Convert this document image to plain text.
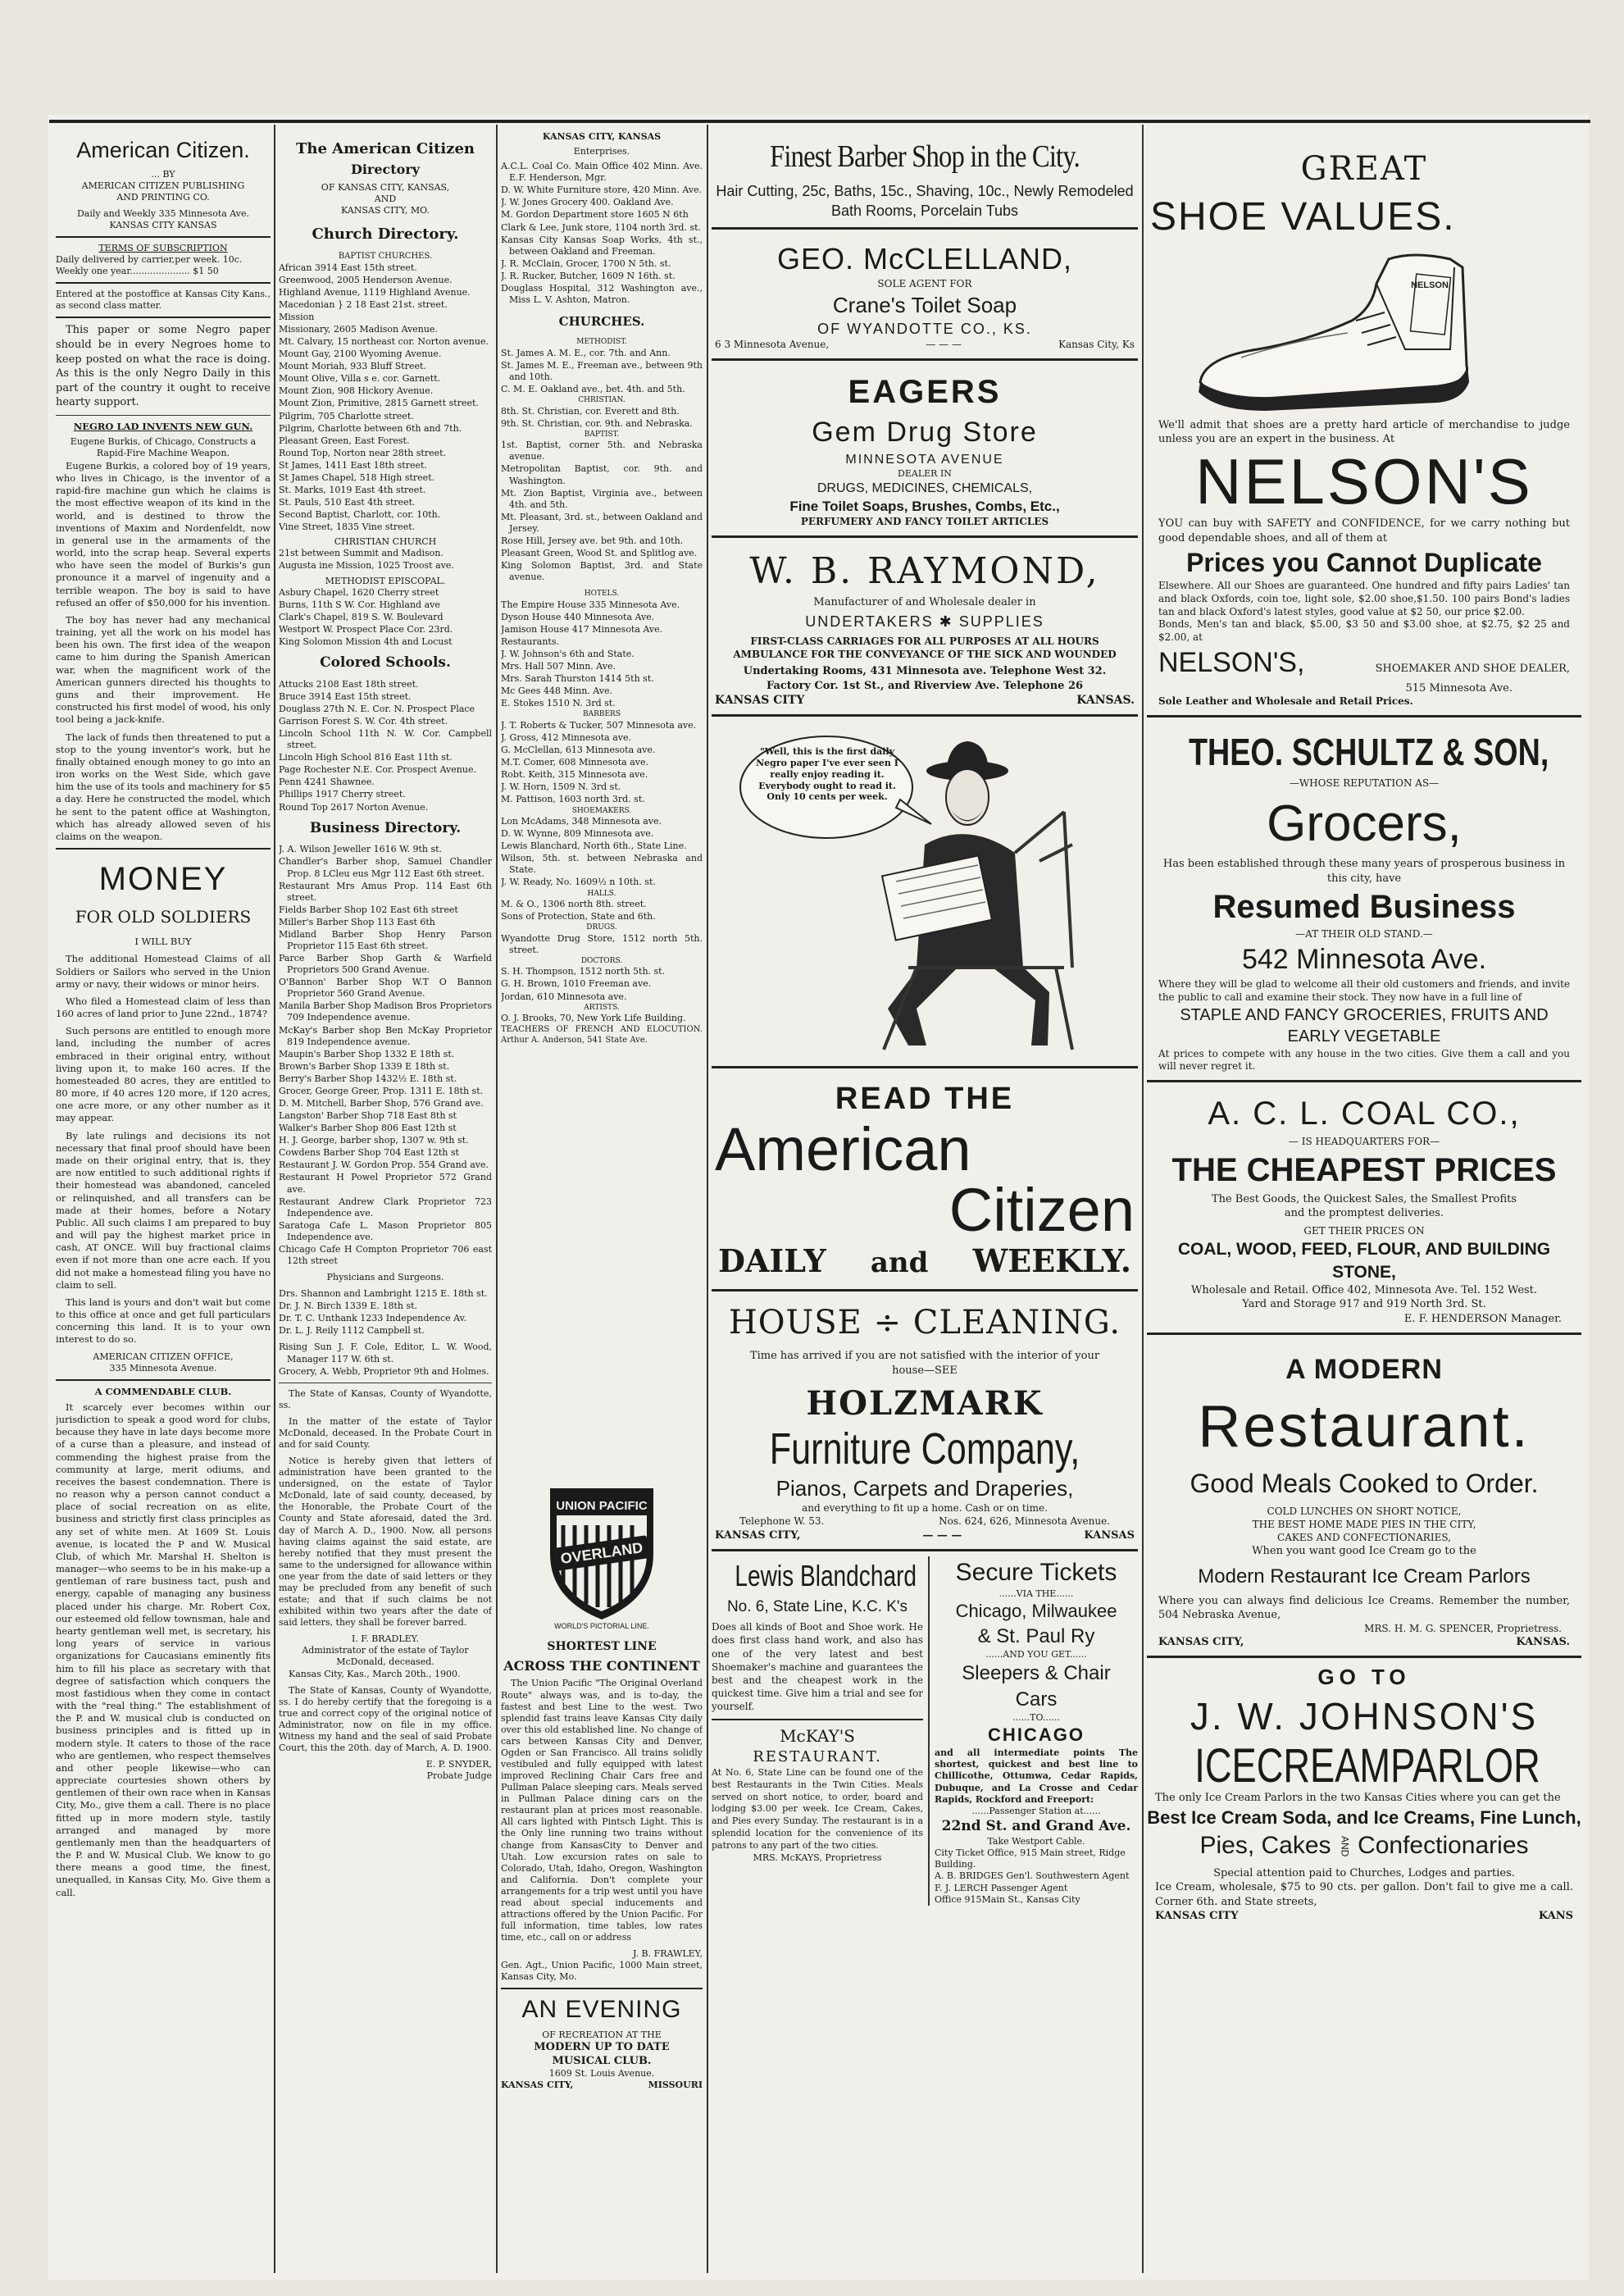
American Citizen.
... BY
AMERICAN CITIZEN PUBLISHING
AND PRINTING CO.
Daily and Weekly 335 Minnesota Ave.
KANSAS CITY KANSAS
TERMS OF SUBSCRIPTION
Daily delivered by carrier,per week. 10c.
Weekly one year..................... $1 50
Entered at the postoffice at Kansas City Kans., as second class matter.

This paper or some Negro paper should be in every Negroes home to keep posted on what the race is doing. As this is the only Negro Daily in this part of the country it ought to receive hearty support.

NEGRO LAD INVENTS NEW GUN.
Eugene Burkis, of Chicago, Constructs a Rapid-Fire Machine Weapon.

Eugene Burkis, a colored boy of 19 years, who lives in Chicago, is the inventor of a rapid-fire machine gun which he claims is the most effective weapon of its kind in the world, and is destined to throw the inventions of Maxim and Nordenfeldt, now in general use in the armaments of the world, into the scrap heap. Several experts who have seen the model of Burkis's gun pronounce it a marvel of ingenuity and a terrible weapon. The boy is said to have refused an offer of $50,000 for his invention.

The boy has never had any mechanical training, yet all the work on his model has been his own. The first idea of the weapon came to him during the Spanish American war, when the magnificent work of the American gunners directed his thoughts to guns and their improvement. He constructed his first model of wood, his only tool being a jack-knife.

The lack of funds then threatened to put a stop to the young inventor's work, but he finally obtained enough money to go into an iron works on the West Side, which gave him the use of its tools and machinery for $5 a day. Here he constructed the model, which he sent to the patent office at Washington, which has already allowed seven of his claims on the weapon.

MONEY
FOR OLD SOLDIERS
I WILL BUY

The additional Homestead Claims of all Soldiers or Sailors who served in the Union army or navy, their widows or minor heirs.

Who filed a Homestead claim of less than 160 acres of land prior to June 22nd., 1874?

Such persons are entitled to enough more land, including the number of acres embraced in their original entry, without living upon it, to make 160 acres. If the homesteaded 80 acres, they are entitled to 80 more, if 40 acres 120 more, if 120 acres, one acre more, or any other number as it may appear.

By late rulings and decisions its not necessary that final proof should have been made on their original entry, that is, they are now entitled to such additional rights if their homestead was abandoned, canceled or relinquished, and all transfers can be made at their homes, before a Notary Public. All such claims I am prepared to buy and will pay the highest market price in cash, AT ONCE. Will buy fractional claims even if not more than one acre each. If you did not make a homestead filing you have no claim to sell.

This land is yours and don't wait but come to this office at once and get full particulars concerning this land. It is to your own interest to do so.

AMERICAN CITIZEN OFFICE,
335 Minnesota Avenue.
A COMMENDABLE CLUB.

It scarcely ever becomes within our jurisdiction to speak a good word for clubs, because they have in late days become more of a curse than a pleasure, and instead of commending the highest praise from the community at large, merit odiums, and receives the basest condemnation. There is no reason why a person cannot conduct a place of social recreation on as elite, business and strictly first class principles as any set of white men. At 1609 St. Louis avenue, is located the P and W. Musical Club, of which Mr. Marshal H. Shelton is manager—who seems to be in his make-up a gentleman of rare business tact, push and energy, capable of managing any business placed under his charge. Mr. Robert Cox, our esteemed old fellow townsman, hale and hearty gentleman well met, is secretary, his long years of service in various organizations for Caucasians eminently fits him to fill his place as secretary with that degree of satisfaction which conquers the most fastidious when they come in contact with the "real thing." The establishment of the P. and W. musical club is conducted on business principles and is fitted up in modern style. It caters to those of the race who are gentlemen, who respect themselves and other people likewise—who can appreciate courtesies shown others by gentlemen of their own race when in Kansas City, Mo., give them a call. There is no place fitted up in more modern style, tastily arranged and managed by more gentlemanly men than the headquarters of the P. and W. Musical Club. We know to go there means a good time, the finest, unequalled, in Kansas City, Mo. Give them a call.

The American Citizen
Directory
OF KANSAS CITY, KANSAS,
AND
KANSAS CITY, MO.
Church Directory.
BAPTIST CHURCHES.
African 3914 East 15th street.
Greenwood, 2005 Henderson Avenue.
Highland Avenue, 1119 Highland Avenue.
Macedonian } 2 18 East 21st. street.
Mission
Missionary, 2605 Madison Avenue.
Mt. Calvary, 15 northeast cor. Norton avenue.
Mount Gay, 2100 Wyoming Avenue.
Mount Moriah, 933 Bluff Street.
Mount Olive, Villa s e. cor. Garnett.
Mount Zion, 908 Hickory Avenue.
Mount Zion, Primitive, 2815 Garnett street.
Pilgrim, 705 Charlotte street.
Pilgrim, Charlotte between 6th and 7th.
Pleasant Green, East Forest.
Round Top, Norton near 28th street.
St James, 1411 East 18th street.
St James Chapel, 518 High street.
St. Marks, 1019 East 4th street.
St. Pauls, 510 East 4th street.
Second Baptist, Charlott, cor. 10th.
Vine Street, 1835 Vine street.
CHRISTIAN CHURCH
21st between Summit and Madison.
Augusta ine Mission, 1025 Troost ave.
METHODIST EPISCOPAL.
Asbury Chapel, 1620 Cherry street
Burns, 11th S W. Cor. Highland ave
Clark's Chapel, 819 S. W. Boulevard
Westport W. Prospect Place Cor. 23rd.
King Solomon Mission 4th and Locust
Colored Schools.
Attucks 2108 East 18th street.
Bruce 3914 East 15th street.
Douglass 27th N. E. Cor. N. Prospect Place
Garrison Forest S. W. Cor. 4th street.
Lincoln School 11th N. W. Cor. Campbell street.
Lincoln High School 816 East 11th st.
Page Rochester N.E. Cor. Prospect Avenue.
Penn 4241 Shawnee.
Phillips 1917 Cherry street.
Round Top 2617 Norton Avenue.
Business Directory.
J. A. Wilson Jeweller 1616 W. 9th st.
Chandler's Barber shop, Samuel Chandler Prop. 8 LCleu eus Mgr 112 East 6th street.
Restaurant Mrs Amus Prop. 114 East 6th street.
Fields Barber Shop 102 East 6th street
Miller's Barber Shop 113 East 6th
Midland Barber Shop Henry Parson Proprietor 115 East 6th street.
Parce Barber Shop Garth & Warfield Proprietors 500 Grand Avenue.
O'Bannon' Barber Shop W.T O Bannon Proprietor 560 Grand Avenue.
Manila Barber Shop Madison Bros Proprietors 709 Independence avenue.
McKay's Barber shop Ben McKay Proprietor 819 Independence avenue.
Maupin's Barber Shop 1332 E 18th st.
Brown's Barber Shop 1339 E 18th st.
Berry's Barber Shop 1432½ E. 18th st.
Grocer, George Greer, Prop. 1311 E. 18th st.
D. M. Mitchell, Barber Shop, 576 Grand ave.
Langston' Barber Shop 718 East 8th st
Walker's Barber Shop 806 East 12th st
H. J. George, barber shop, 1307 w. 9th st.
Cowdens Barber Shop 704 East 12th st
Restaurant J. W. Gordon Prop. 554 Grand ave.
Restaurant H Powel Proprietor 572 Grand ave.
Restaurant Andrew Clark Proprietor 723 Independence ave.
Saratoga Cafe L. Mason Proprietor 805 Independence ave.
Chicago Cafe H Compton Proprietor 706 east 12th street
Physicians and Surgeons.
Drs. Shannon and Lambright 1215 E. 18th st.
Dr. J. N. Birch 1339 E. 18th st.
Dr. T. C. Unthank 1233 Independence Av.
Dr. L. J. Reily 1112 Campbell st.
Rising Sun J. F. Cole, Editor, L. W. Wood, Manager 117 W. 6th st.
Grocery, A. Webb, Proprietor 9th and Holmes.

The State of Kansas, County of Wyandotte, ss.

In the matter of the estate of Taylor McDonald, deceased. In the Probate Court in and for said County.

Notice is hereby given that letters of administration have been granted to the undersigned, on the estate of Taylor McDonald, late of said county, deceased, by the Honorable, the Probate Court of the County and State aforesaid, dated the 3rd. day of March A. D., 1900. Now, all persons having claims against the said estate, are hereby notified that they must present the same to the undersigned for allowance within one year from the date of said letters or they may be precluded from any benefit of such estate; and that if such claims be not exhibited within two years after the date of said letters, they shall be forever barred.

I. F. BRADLEY.
Administrator of the estate of Taylor McDonald, deceased.

Kansas City, Kas., March 20th., 1900.

The State of Kansas, County of Wyandotte, ss. I do hereby certify that the foregoing is a true and correct copy of the original notice of Administrator, now on file in my office. Witness my hand and the seal of said Probate Court, this the 20th. day of March, A. D. 1900.

E. P. SNYDER,
Probate Judge
KANSAS CITY, KANSAS
Enterprises.
A.C.L. Coal Co. Main Office 402 Minn. Ave. E.F. Henderson, Mgr.
D. W. White Furniture store, 420 Minn. Ave.
J. W. Jones Grocery 400. Oakland Ave.
M. Gordon Department store 1605 N 6th
Clark & Lee, Junk store, 1104 north 3rd. st.
Kansas City Kansas Soap Works, 4th st., between Oakland and Freeman.
J. R. McClain, Grocer, 1700 N 5th. st.
J. R. Rucker, Butcher, 1609 N 16th. st.
Douglass Hospital, 312 Washington ave., Miss L. V. Ashton, Matron.
CHURCHES.
METHODIST.
St. James A. M. E., cor. 7th. and Ann.
St. James M. E., Freeman ave., between 9th and 10th.
C. M. E. Oakland ave., bet. 4th. and 5th.
CHRISTIAN.
8th. St. Christian, cor. Everett and 8th.
9th. St. Christian, cor. 9th. and Nebraska.
BAPTIST.
1st. Baptist, corner 5th. and Nebraska avenue.
Metropolitan Baptist, cor. 9th. and Washington.
Mt. Zion Baptist, Virginia ave., between 4th. and 5th.
Mt. Pleasant, 3rd. st., between Oakland and Jersey.
Rose Hill, Jersey ave. bet 9th. and 10th.
Pleasant Green, Wood St. and Splitlog ave.
King Solomon Baptist, 3rd. and State avenue.
HOTELS.
The Empire House 335 Minnesota Ave.
Dyson House 440 Minnesota Ave.
Jamison House 417 Minnesota Ave.
Restaurants.
J. W. Johnson's 6th and State.
Mrs. Hall 507 Minn. Ave.
Mrs. Sarah Thurston 1414 5th st.
Mc Gees 448 Minn. Ave.
E. Stokes 1510 N. 3rd st.
BARBERS
J. T. Roberts & Tucker, 507 Minnesota ave.
J. Gross, 412 Minnesota ave.
G. McClellan, 613 Minnesota ave.
M.T. Comer, 608 Minnesota ave.
Robt. Keith, 315 Minnesota ave.
J. W. Horn, 1509 N. 3rd st.
M. Pattison, 1603 north 3rd. st.
SHOEMAKERS.
Lon McAdams, 348 Minnesota ave.
D. W. Wynne, 809 Minnesota ave.
Lewis Blanchard, North 6th., State Line.
Wilson, 5th. st. between Nebraska and State.
J. W. Ready, No. 1609½ n 10th. st.
HALLS.
M. & O., 1306 north 8th. street.
Sons of Protection, State and 6th.
DRUGS.
Wyandotte Drug Store, 1512 north 5th. street.
DOCTORS.
S. H. Thompson, 1512 north 5th. st.
G. H. Brown, 1010 Freeman ave.
Jordan, 610 Minnesota ave.
ARTISTS.
O. J. Brooks, 70, New York Life Building.
TEACHERS OF FRENCH AND ELOCUTION. Arthur A. Anderson, 541 State Ave.
UNION PACIFIC
OVERLAND
WORLD'S PICTORIAL LINE.
SHORTEST LINE
ACROSS THE CONTINENT

The Union Pacific "The Original Overland Route" always was, and is to-day, the fastest and best Line to the west. Two splendid fast trains leave Kansas City daily over this old established line. No change of cars between Kansas City and Denver, Ogden or San Francisco. All trains solidly vestibuled and fully equipped with latest improved Reclining Chair Cars free and Pullman Palace sleeping cars. Meals served in Pullman Palace dining cars on the restaurant plan at prices most reasonable. All cars lighted with Pintsch Light. This is the Only line running two trains without change from KansasCity to Denver and Utah. Low excursion rates on sale to Colorado, Utah, Idaho, Oregon, Washington and California. Don't complete your arrangements for a trip west until you have read about special inducements and attractions offered by the Union Pacific. For full information, time tables, low rates time, etc., call on or address

J. B. FRAWLEY,
Gen. Agt., Union Pacific, 1000 Main street, Kansas City, Mo.
AN EVENING
OF RECREATION AT THE
MODERN UP TO DATE
MUSICAL CLUB.
1609 St. Louis Avenue.
KANSAS CITY,	MISSOURI
Finest Barber Shop in the City.
Hair Cutting, 25c, Baths, 15c., Shaving, 10c., Newly Remodeled Bath Rooms, Porcelain Tubs
GEO. McCLELLAND,
SOLE AGENT FOR
Crane's Toilet Soap
OF WYANDOTTE CO., KS.
6 3 Minnesota Avenue,	— — —	Kansas City, Ks
EAGERS
Gem Drug Store
MINNESOTA AVENUE
DEALER IN
DRUGS, MEDICINES, CHEMICALS,
Fine Toilet Soaps, Brushes, Combs, Etc.,
PERFUMERY AND FANCY TOILET ARTICLES
W. B. RAYMOND,
Manufacturer of and Wholesale dealer in
UNDERTAKERS ✱ SUPPLIES
FIRST-CLASS CARRIAGES FOR ALL PURPOSES AT ALL HOURS
AMBULANCE FOR THE CONVEYANCE OF THE SICK AND WOUNDED
Undertaking Rooms, 431 Minnesota ave. Telephone West 32.
Factory Cor. 1st St., and Riverview Ave. Telephone 26
KANSAS CITY	KANSAS.
"Well, this is the first daily Negro paper I've ever seen I really enjoy reading it. Everybody ought to read it. Only 10 cents per week.
READ THE
American
Citizen
DAILY and WEEKLY.
HOUSE ÷ CLEANING.
Time has arrived if you are not satisfied with the interior of your house—SEE
HOLZMARK
Furniture Company,
Pianos, Carpets and Draperies,
and everything to fit up a home. Cash or on time.
Telephone W. 53.	Nos. 624, 626, Minnesota Avenue.
KANSAS CITY,	— — —	KANSAS
Lewis Blandchard
No. 6, State Line, K.C. K's
Does all kinds of Boot and Shoe work. He does first class hand work, and also has one of the very latest and best Shoemaker's machine and guarantees the best and the cheapest work in the quickest time. Give him a trial and see for yourself.
McKAY'S
RESTAURANT.
At No. 6, State Line can be found one of the best Restaurants in the Twin Cities. Meals served on short notice, to order, board and lodging $3.00 per week. Ice Cream, Cakes, and Pies every Sunday. The restaurant is in a splendid location for the convenience of its patrons to any part of the two cities.
MRS. McKAYS, Proprietress
Secure Tickets
......VIA THE......
Chicago, Milwaukee
& St. Paul Ry
......AND YOU GET......
Sleepers & Chair
Cars
......TO......
CHICAGO
and all intermediate points The shortest, quickest and best line to Chillicothe, Ottumwa, Cedar Rapids, Dubuque, and La Crosse and Cedar Rapids, Rockford and Freeport:
......Passenger Station at......
22nd St. and Grand Ave.
Take Westport Cable.
City Ticket Office, 915 Main street, Ridge Building.
A. B. BRIDGES Gen'l. Southwestern Agent
F. J. LERCH Passenger Agent
Office 915Main St., Kansas City
GREAT
SHOE VALUES.
NELSON
We'll admit that shoes are a pretty hard article of merchandise to judge unless you are an expert in the business. At
NELSON'S
YOU can buy with SAFETY and CONFIDENCE, for we carry nothing but good dependable shoes, and all of them at
Prices you Cannot Duplicate
Elsewhere. All our Shoes are guaranteed. One hundred and fifty pairs Ladies' tan and black Oxfords, coin toe, light sole, $2.00 shoe,$1.50. 100 pairs Bond's ladies tan and black Oxford's latest styles, good value at $2 50, our price $2.00.
Bonds, Men's tan and black, $5.00, $3 50 and $3.00 shoe, at $2.75, $2 25 and $2.00, at
NELSON'S,	SHOEMAKER AND SHOE DEALER,
515 Minnesota Ave.
Sole Leather and Wholesale and Retail Prices.
THEO. SCHULTZ & SON,
—WHOSE REPUTATION AS—
Grocers,
Has been established through these many years of prosperous business in this city, have
Resumed Business
—AT THEIR OLD STAND.—
542 Minnesota Ave.
Where they will be glad to welcome all their old customers and friends, and invite the public to call and examine their stock. They now have in a full line of
STAPLE AND FANCY GROCERIES, FRUITS AND EARLY VEGETABLE
At prices to compete with any house in the two cities. Give them a call and you will never regret it.
A. C. L. COAL CO.,
— IS HEADQUARTERS FOR—
THE CHEAPEST PRICES
The Best Goods, the Quickest Sales, the Smallest Profits
and the promptest deliveries.
GET THEIR PRICES ON
COAL, WOOD, FEED, FLOUR, AND BUILDING STONE,
Wholesale and Retail. Office 402, Minnesota Ave. Tel. 152 West.
Yard and Storage 917 and 919 North 3rd. St.
E. F. HENDERSON Manager.
A MODERN
Restaurant.
Good Meals Cooked to Order.
COLD LUNCHES ON SHORT NOTICE,
THE BEST HOME MADE PIES IN THE CITY,
CAKES AND CONFECTIONARIES,
When you want good Ice Cream go to the
Modern Restaurant Ice Cream Parlors
Where you can always find delicious Ice Creams. Remember the number, 504 Nebraska Avenue,
MRS. H. M. G. SPENCER, Proprietress.
KANSAS CITY,	KANSAS.
GO TO
J. W. JOHNSON'S
ICECREAMPARLOR
The only Ice Cream Parlors in the two Kansas Cities where you can get the
Best Ice Cream Soda, and Ice Creams, Fine Lunch,
Pies, Cakes AND Confectionaries
Special attention paid to Churches, Lodges and parties.
Ice Cream, wholesale, $75 to 90 cts. per gallon. Don't fail to give me a call. Corner 6th. and State streets,
KANSAS CITY	KANS
